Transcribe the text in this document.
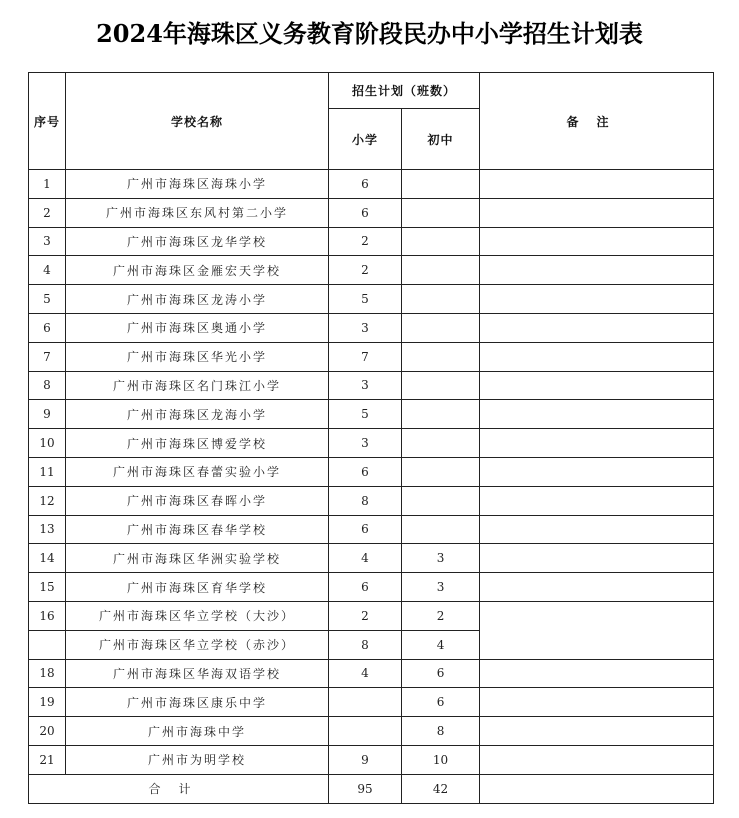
2024年海珠区义务教育阶段民办中小学招生计划表
序号	学校名称	招生计划（班数）		备注
		小学	初中	
1	广州市海珠区海珠小学	6		
2	广州市海珠区东风村第二小学	6		
3	广州市海珠区龙华学校	2		
4	广州市海珠区金雁宏天学校	2		
5	广州市海珠区龙涛小学	5		
6	广州市海珠区奥通小学	3		
7	广州市海珠区华光小学	7		
8	广州市海珠区名门珠江小学	3		
9	广州市海珠区龙海小学	5		
10	广州市海珠区博爱学校	3		
11	广州市海珠区春蕾实验小学	6		
12	广州市海珠区春晖小学	8		
13	广州市海珠区春华学校	6		
14	广州市海珠区华洲实验学校	4	3	
15	广州市海珠区育华学校	6	3	
16	广州市海珠区华立学校（大沙）	2	2	
	广州市海珠区华立学校（赤沙）	8	4	
18	广州市海珠区华海双语学校	4	6	
19	广州市海珠区康乐中学		6	
20	广州市海珠中学		8	
21	广州市为明学校	9	10	
合计		95	42	
